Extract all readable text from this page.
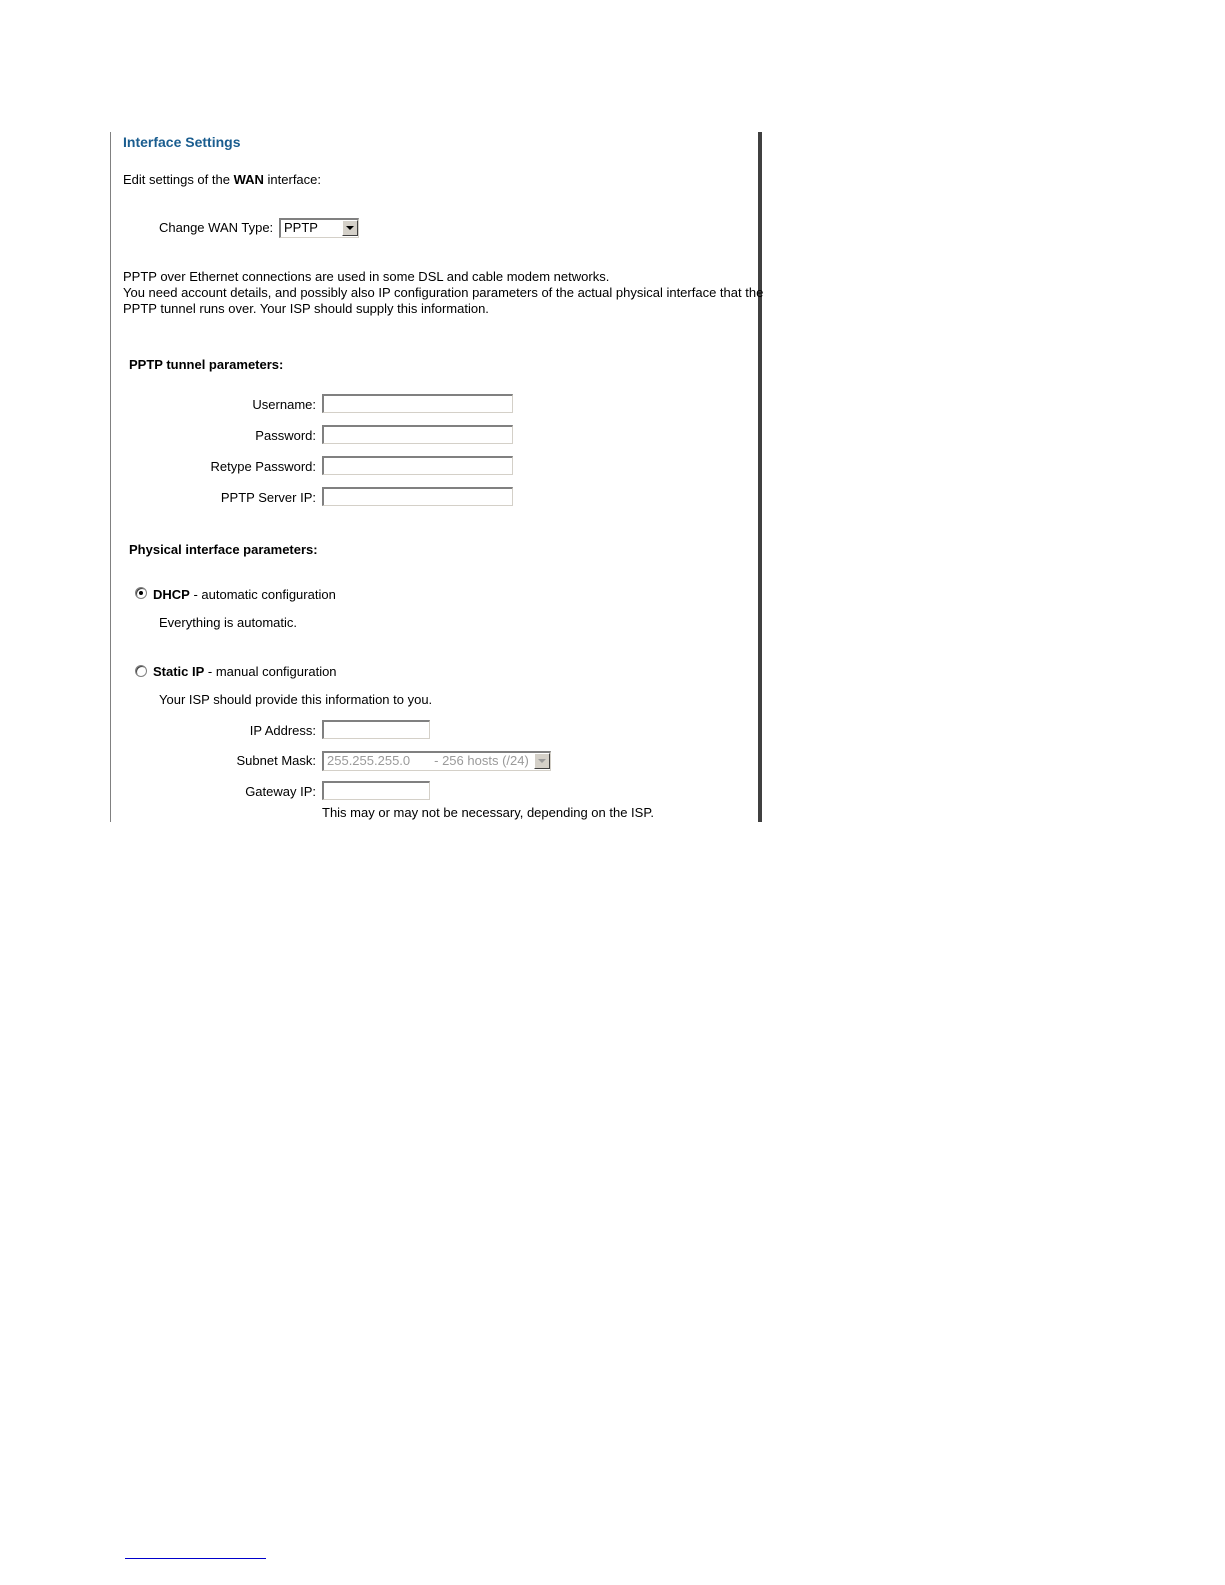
Interface Settings
Edit settings of the WAN interface:
Change WAN Type: PPTP
PPTP over Ethernet connections are used in some DSL and cable modem networks.
You need account details, and possibly also IP configuration parameters of the actual physical interface that the
PPTP tunnel runs over. Your ISP should supply this information.
PPTP tunnel parameters:
Username:
Password:
Retype Password:
PPTP Server IP:
Physical interface parameters:
DHCP - automatic configuration
Everything is automatic.
Static IP - manual configuration
Your ISP should provide this information to you.
IP Address:
Subnet Mask: 255.255.255.0 - 256 hosts (/24)
Gateway IP:
This may or may not be necessary, depending on the ISP.
